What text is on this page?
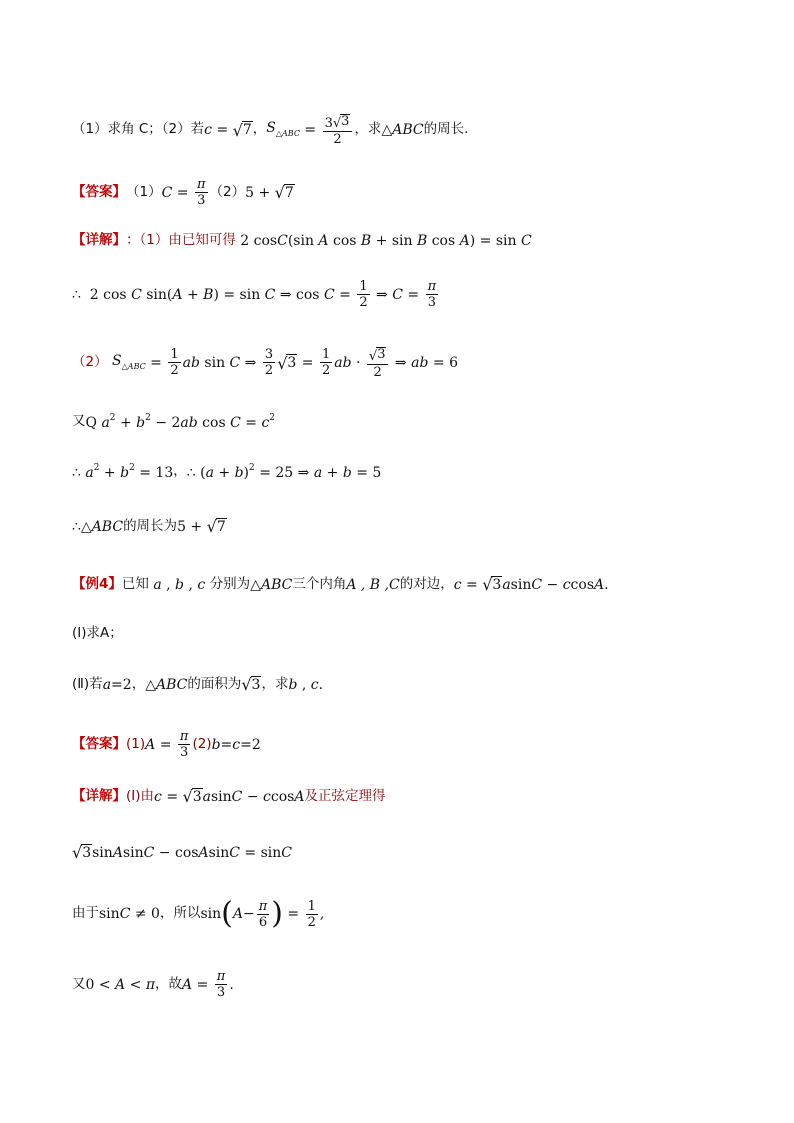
（1）求角 C；（2）若 c = √ 7 ， $S_{\triangle ABC} = \frac{3 √ 3}{2}$ ，求 △ABC 的周长.
【答案】 （1） $C = \frac{\pi}{3} (2) 5$ + √ 7
【详解】 ：（1）由已知可得 2 cosC(sin A cos B + sin B cos A) = sin C
∴  2 cos C sin(A + B) = sin C ⇒ $\cos C = \frac{1}{2}$ ⇒ $C = \frac{\pi}{3}$
（2） $S_{\triangle ABC} = \frac{1}{2}$ ab sin C ⇒ $\frac{3}{2}$ √ $3 = \frac{1}{2}$ ab · $\frac{√ 3}{2}$ ⇒ ab = 6
又 Q $a^2 + b^2 - 2ab$ $\cos C = c^2$
∴ $a^2 + b^2 = 13$ ， ∴ $(a + b)^2 = 25$ ⇒ a + b = 5
∴△ABC 的周长为 5 + √ 7
【例4】 已知 a , b , c 分别为 △ABC 三个内角 A , B ,C 的对边， c = √ 3 asinC − ccosA.
(Ⅰ)求A；
(Ⅱ)若 a =2 ， △ABC 的面积为 √ 3 ，求 b , c.
【答案】 (1) $A = \frac{\pi}{3} (2) b = c =2$
【详解】 (Ⅰ)由 c = √ 3 asinC − ccosA 及正弦定理得
√ 3 sinAsinC − cosAsinC = sinC
由于 sinC ≠ 0 ，所以 sin ( $A - \frac{\pi}{6}$ ) = $\frac{1}{2}$ ,
又 0 < A < π ，故 $A = \frac{\pi}{3}$ .
